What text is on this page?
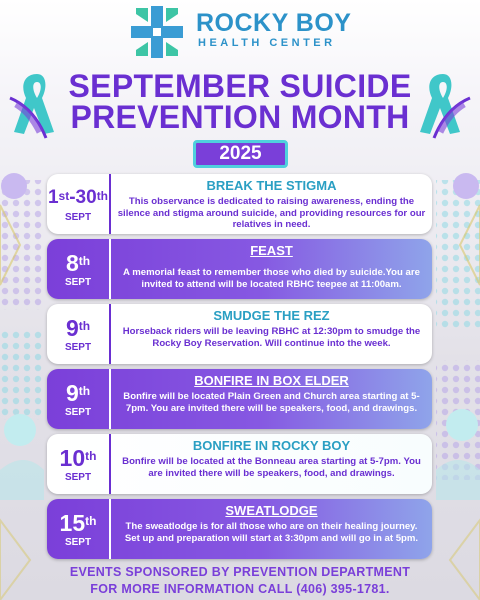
ROCKY BOY
HEALTH CENTER
SEPTEMBER SUICIDE
PREVENTION MONTH
2025
1st-30th
SEPT
BREAK THE STIGMA
This observance is dedicated to raising awareness, ending the silence and stigma around suicide, and providing resources for our relatives in need.
8th
SEPT
FEAST
A memorial feast to remember those who died by suicide.You are invited to attend will be located RBHC teepee at 11:00am.
9th
SEPT
SMUDGE THE REZ
Horseback riders will be leaving RBHC at 12:30pm to smudge the Rocky Boy Reservation. Will continue into the week.
9th
SEPT
BONFIRE IN BOX ELDER
Bonfire will be located Plain Green and Church area starting at 5-7pm. You are invited there will be speakers, food, and drawings.
10th
SEPT
BONFIRE IN ROCKY BOY
Bonfire will be located at the Bonneau area starting at 5-7pm. You are invited there will be speakers, food, and drawings.
15th
SEPT
SWEATLODGE
The sweatlodge is for all those who are on their healing journey. Set up and preparation will start at 3:30pm and will go in at 5pm.
EVENTS SPONSORED BY PREVENTION DEPARTMENT
FOR MORE INFORMATION CALL (406) 395-1781.
